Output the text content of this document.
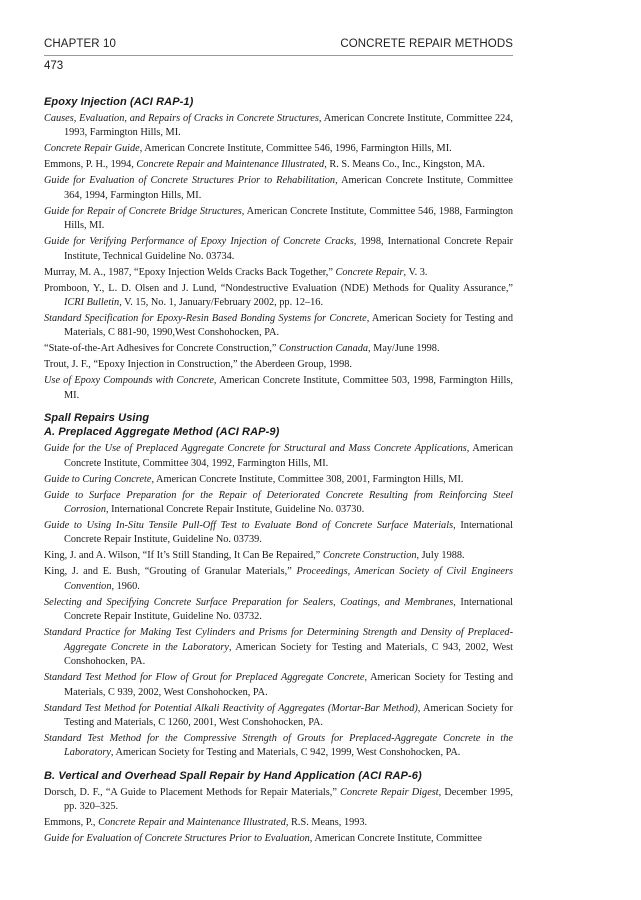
CHAPTER 10	CONCRETE REPAIR METHODS
473
Epoxy Injection (ACI RAP-1)

Causes, Evaluation, and Repairs of Cracks in Concrete Structures, American Concrete Institute, Committee 224, 1993, Farmington Hills, MI.

Concrete Repair Guide, American Concrete Institute, Committee 546, 1996, Farmington Hills, MI.

Emmons, P. H., 1994, Concrete Repair and Maintenance Illustrated, R. S. Means Co., Inc., Kingston, MA.

Guide for Evaluation of Concrete Structures Prior to Rehabilitation, American Concrete Institute, Committee 364, 1994, Farmington Hills, MI.

Guide for Repair of Concrete Bridge Structures, American Concrete Institute, Committee 546, 1988, Farmington Hills, MI.

Guide for Verifying Performance of Epoxy Injection of Concrete Cracks, 1998, International Concrete Repair Institute, Technical Guideline No. 03734.

Murray, M. A., 1987, “Epoxy Injection Welds Cracks Back Together,” Concrete Repair, V. 3.

Promboon, Y., L. D. Olsen and J. Lund, “Nondestructive Evaluation (NDE) Methods for Quality Assurance,” ICRI Bulletin, V. 15, No. 1, January/February 2002, pp. 12–16.

Standard Specification for Epoxy-Resin Based Bonding Systems for Concrete, American Society for Testing and Materials, C 881-90, 1990,West Conshohocken, PA.

“State-of-the-Art Adhesives for Concrete Construction,” Construction Canada, May/June 1998.

Trout, J. F., “Epoxy Injection in Construction,” the Aberdeen Group, 1998.

Use of Epoxy Compounds with Concrete, American Concrete Institute, Committee 503, 1998, Farmington Hills, MI.

Spall Repairs Using
A. Preplaced Aggregate Method (ACI RAP-9)

Guide for the Use of Preplaced Aggregate Concrete for Structural and Mass Concrete Applications, American Concrete Institute, Committee 304, 1992, Farmington Hills, MI.

Guide to Curing Concrete, American Concrete Institute, Committee 308, 2001, Farmington Hills, MI.

Guide to Surface Preparation for the Repair of Deteriorated Concrete Resulting from Reinforcing Steel Corrosion, International Concrete Repair Institute, Guideline No. 03730.

Guide to Using In-Situ Tensile Pull-Off Test to Evaluate Bond of Concrete Surface Materials, International Concrete Repair Institute, Guideline No. 03739.

King, J. and A. Wilson, “If It’s Still Standing, It Can Be Repaired,” Concrete Construction, July 1988.

King, J. and E. Bush, “Grouting of Granular Materials,” Proceedings, American Society of Civil Engineers Convention, 1960.

Selecting and Specifying Concrete Surface Preparation for Sealers, Coatings, and Membranes, International Concrete Repair Institute, Guideline No. 03732.

Standard Practice for Making Test Cylinders and Prisms for Determining Strength and Density of Preplaced-Aggregate Concrete in the Laboratory, American Society for Testing and Materials, C 943, 2002, West Conshohocken, PA.

Standard Test Method for Flow of Grout for Preplaced Aggregate Concrete, American Society for Testing and Materials, C 939, 2002, West Conshohocken, PA.

Standard Test Method for Potential Alkali Reactivity of Aggregates (Mortar-Bar Method), American Society for Testing and Materials, C 1260, 2001, West Conshohocken, PA.

Standard Test Method for the Compressive Strength of Grouts for Preplaced-Aggregate Concrete in the Laboratory, American Society for Testing and Materials, C 942, 1999, West Conshohocken, PA.

B. Vertical and Overhead Spall Repair by Hand Application (ACI RAP-6)

Dorsch, D. F., “A Guide to Placement Methods for Repair Materials,” Concrete Repair Digest, December 1995, pp. 320–325.

Emmons, P., Concrete Repair and Maintenance Illustrated, R.S. Means, 1993.

Guide for Evaluation of Concrete Structures Prior to Evaluation, American Concrete Institute, Committee
